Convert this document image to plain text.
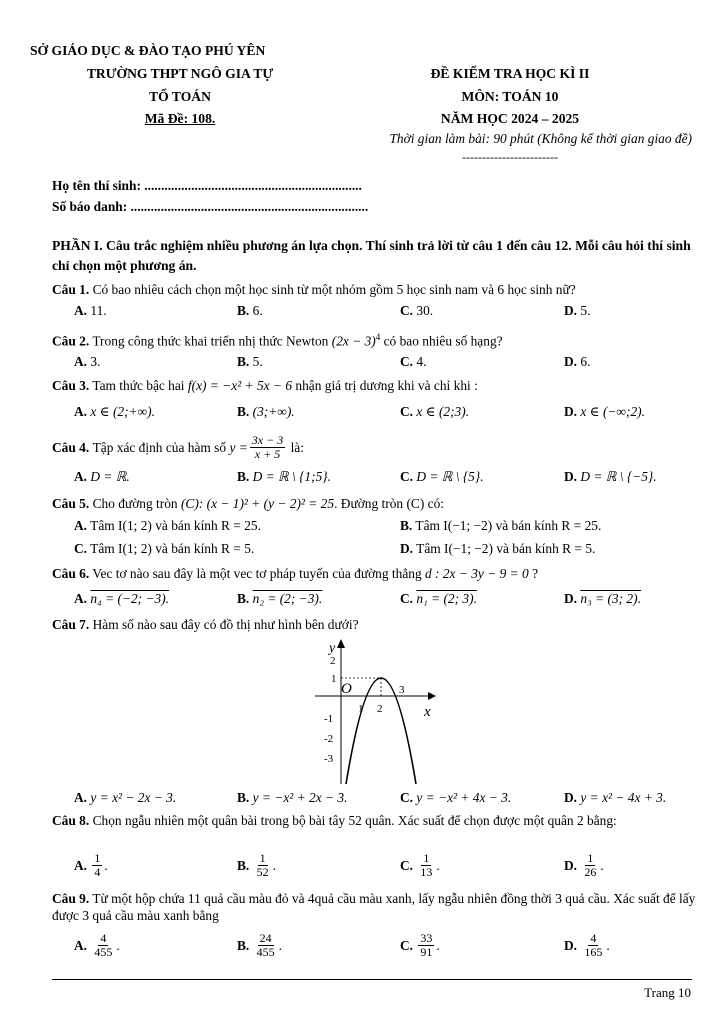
SỞ GIÁO DỤC & ĐÀO TẠO PHÚ YÊN
TRƯỜNG THPT NGÔ GIA TỰ
TỔ TOÁN
Mã Đề: 108.
ĐỀ KIỂM TRA HỌC KÌ II
MÔN: TOÁN 10
NĂM HỌC 2024 – 2025
Thời gian làm bài: 90 phút (Không kể thời gian giao đề)
------------------------
Họ tên thí sinh: .................................................................
Số báo danh: .......................................................................
PHẦN I. Câu trắc nghiệm nhiều phương án lựa chọn. Thí sinh trả lời từ câu 1 đến câu 12. Mỗi câu hỏi thí sinh chỉ chọn một phương án.
Câu 1. Có bao nhiêu cách chọn một học sinh từ một nhóm gồm 5 học sinh nam và 6 học sinh nữ?
A. 11.	B. 6.	C. 30.	D. 5.
Câu 2. Trong công thức khai triển nhị thức Newton $(2x - 3)^4$ có bao nhiêu số hạng?
A. 3.	B. 5.	C. 4.	D. 6.
Câu 3. Tam thức bậc hai f(x) = −x² + 5x − 6 nhận giá trị dương khi và chỉ khi :
A. x ∈ (2;+∞).	B. (3;+∞).	C. x ∈ (2;3).	D. x ∈ (−∞;2).
Câu 4.
Tập xác định của hàm số
$y = \frac{3x - 3}{x + 5}$
là:
A. D = ℝ.	B. D = ℝ \ {1;5}.	C. D = ℝ \ {5}.	D. D = ℝ \ {−5}.
Câu 5. Cho đường tròn (C): (x − 1)² + (y − 2)² = 25. Đường tròn (C) có:
A. Tâm I(1; 2) và bán kính R = 25.	B. Tâm I(−1; −2) và bán kính R = 25.
C. Tâm I(1; 2) và bán kính R = 5.	D. Tâm I(−1; −2) và bán kính R = 5.
Câu 6. Vec tơ nào sau đây là một vec tơ pháp tuyến của đường thẳng d : 2x − 3y − 9 = 0 ?
A. n₄ = (−2; −3).	B. n₂ = (2; −3).	C. n₁ = (2; 3).	D. n₃ = (3; 2).
Câu 7. Hàm số nào sau đây có đồ thị như hình bên dưới?
y
x
O
1 2
3
2
1
-1
-2
-3
A. y = x² − 2x − 3.	B. y = −x² + 2x − 3.	C. y = −x² + 4x − 3.	D. y = x² − 4x + 3.
Câu 8. Chọn ngẫu nhiên một quân bài trong bộ bài tây 52 quân. Xác suất để chọn được một quân 2 bằng:
A.
$\frac{1}{4}$ .	B.
$\frac{1}{52}$ .	C.
$\frac{1}{13}$ .	D.
$\frac{1}{26}$ .
Câu 9. Từ một hộp chứa 11 quả cầu màu đỏ và 4quả cầu màu xanh, lấy ngẫu nhiên đồng thời 3 quả cầu. Xác suất để lấy được 3 quả cầu màu xanh bằng
A.
$\frac{4}{455}$ .	B.
$\frac{24}{455}$ .	C.
$\frac{33}{91}$ .	D.
$\frac{4}{165}$ .
Trang 10
